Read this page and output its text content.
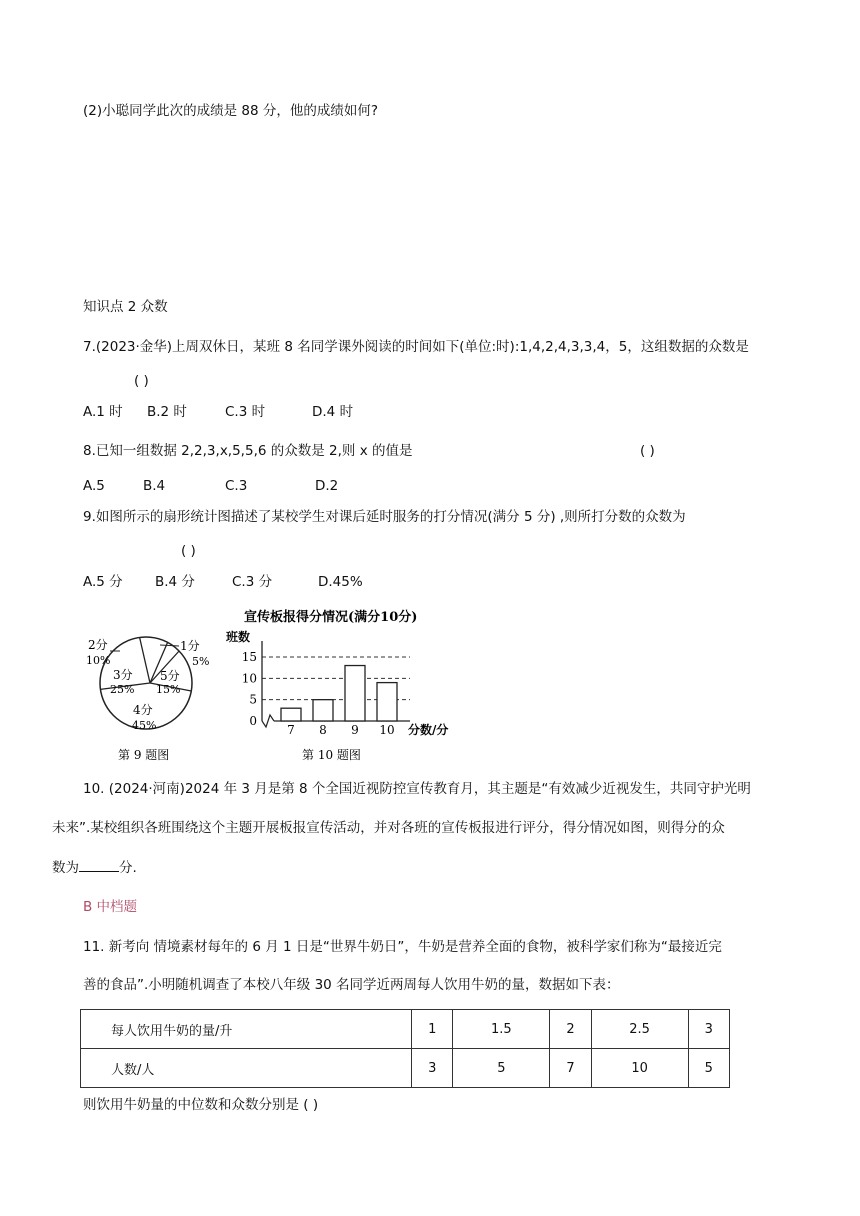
(2)小聪同学此次的成绩是 88 分，他的成绩如何?
知识点 2 众数
7.(2023·金华)上周双休日，某班 8 名同学课外阅读的时间如下(单位:时):1,4,2,4,3,3,4，5，这组数据的众数是
( )
A.1 时 B.2 时	C.3 时	D.4 时
8.已知一组数据 2,2,3,x,5,5,6 的众数是 2,则 x 的值是	( )
A.5	B.4	C.3	D.2
9.如图所示的扇形统计图描述了某校学生对课后延时服务的打分情况(满分 5 分) ,则所打分数的众数为
( )
A.5 分 B.4 分	C.3 分	D.45%
1分
5%
5分
15%
4分
45%
3分
25%
2分
10%
第 9 题图
宣传板报得分情况(满分10分)
班数
0
5
10
15
7 8 9 10 分数/分
第 10 题图
10. (2024·河南)2024 年 3 月是第 8 个全国近视防控宣传教育月，其主题是“有效减少近视发生，共同守护光明
未来”.某校组织各班围绕这个主题开展板报宣传活动，并对各班的宣传板报进行评分，得分情况如图，则得分的众
数为	分.
B 中档题
11. 新考向 情境素材每年的 6 月 1 日是“世界牛奶日”，牛奶是营养全面的食物，被科学家们称为“最接近完
善的食品”.小明随机调查了本校八年级 30 名同学近两周每人饮用牛奶的量，数据如下表：
每人饮用牛奶的量/升	1	1.5	2	2.5	3
人数/人	3	5	7	10	5
则饮用牛奶量的中位数和众数分别是 ( )
